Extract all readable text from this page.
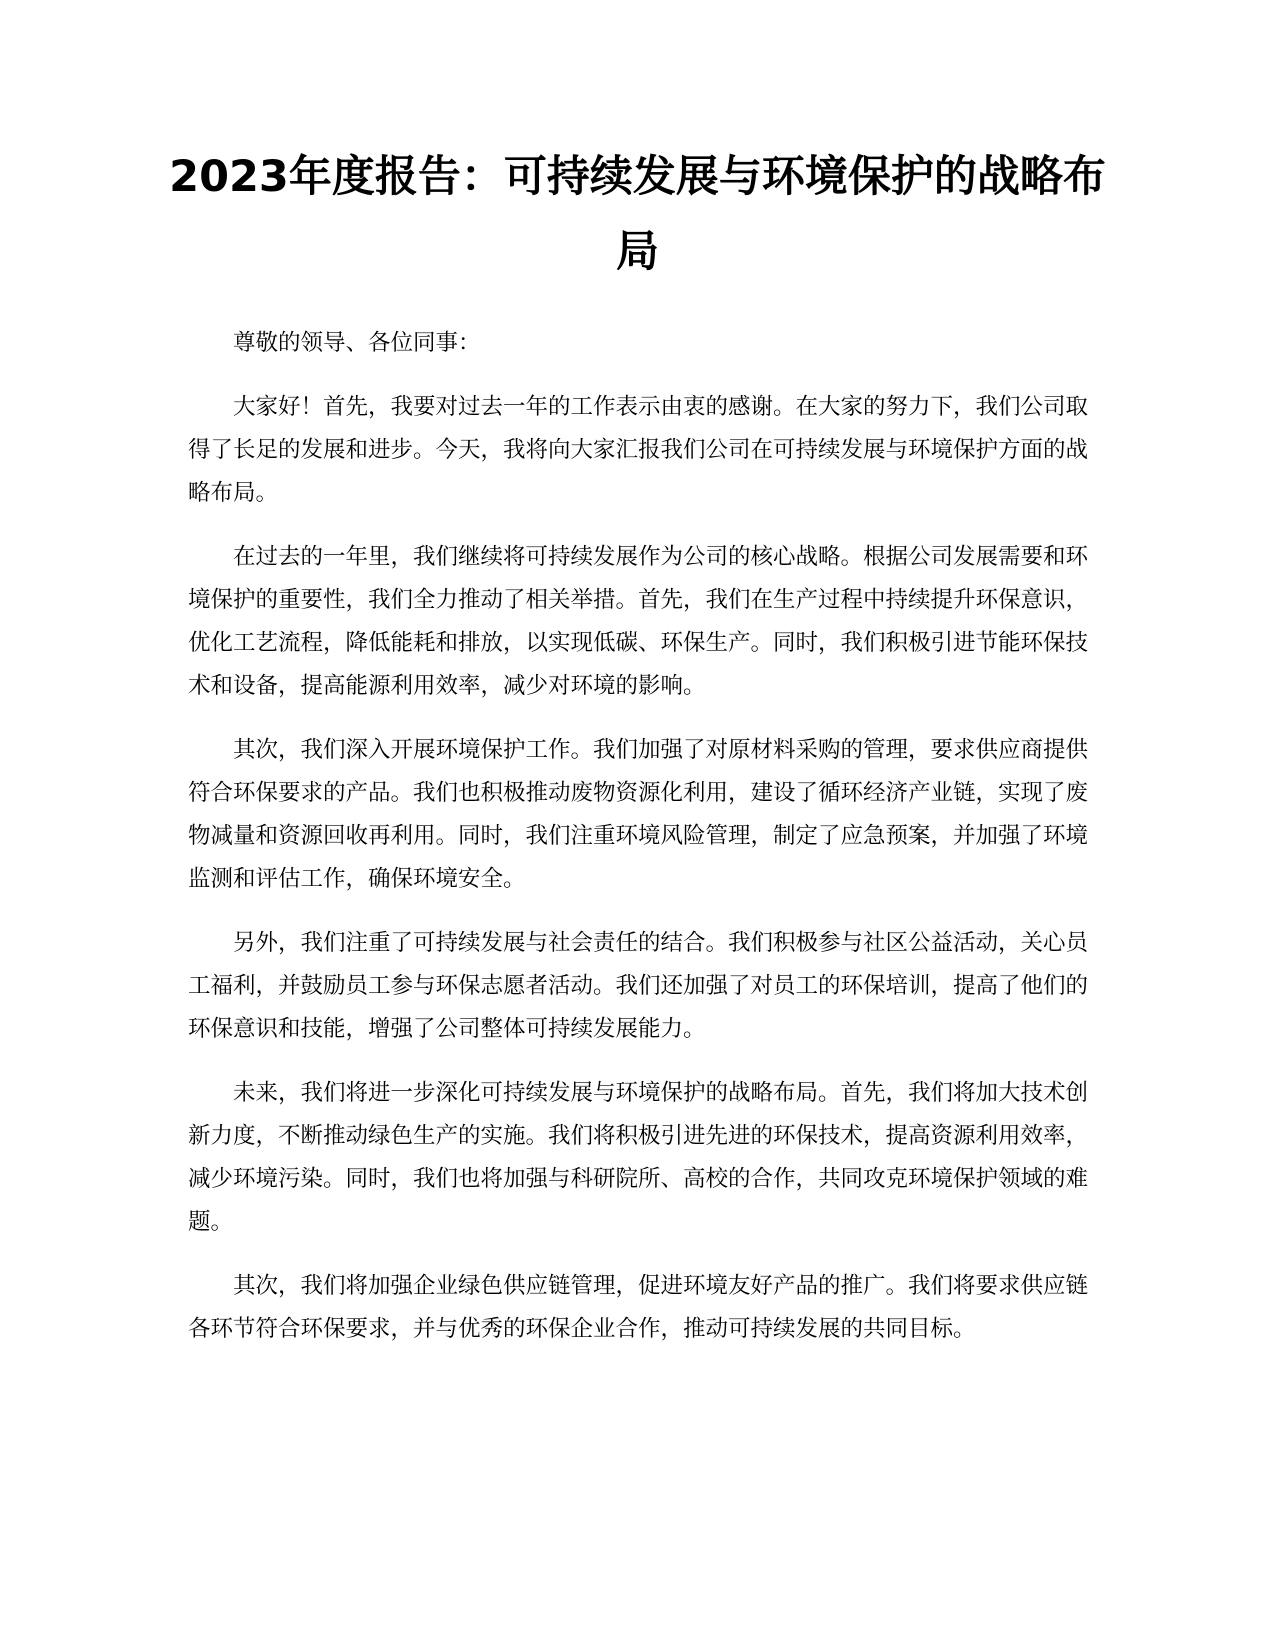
2023年度报告：可持续发展与环境保护的战略布局

尊敬的领导、各位同事：

大家好！首先，我要对过去一年的工作表示由衷的感谢。在大家的努力下，我们公司取得了长足的发展和进步。今天，我将向大家汇报我们公司在可持续发展与环境保护方面的战略布局。

在过去的一年里，我们继续将可持续发展作为公司的核心战略。根据公司发展需要和环境保护的重要性，我们全力推动了相关举措。首先，我们在生产过程中持续提升环保意识，优化工艺流程，降低能耗和排放，以实现低碳、环保生产。同时，我们积极引进节能环保技术和设备，提高能源利用效率，减少对环境的影响。

其次，我们深入开展环境保护工作。我们加强了对原材料采购的管理，要求供应商提供符合环保要求的产品。我们也积极推动废物资源化利用，建设了循环经济产业链，实现了废物减量和资源回收再利用。同时，我们注重环境风险管理，制定了应急预案，并加强了环境监测和评估工作，确保环境安全。

另外，我们注重了可持续发展与社会责任的结合。我们积极参与社区公益活动，关心员工福利，并鼓励员工参与环保志愿者活动。我们还加强了对员工的环保培训，提高了他们的环保意识和技能，增强了公司整体可持续发展能力。

未来，我们将进一步深化可持续发展与环境保护的战略布局。首先，我们将加大技术创新力度，不断推动绿色生产的实施。我们将积极引进先进的环保技术，提高资源利用效率，减少环境污染。同时，我们也将加强与科研院所、高校的合作，共同攻克环境保护领域的难题。

其次，我们将加强企业绿色供应链管理，促进环境友好产品的推广。我们将要求供应链各环节符合环保要求，并与优秀的环保企业合作，推动可持续发展的共同目标。
